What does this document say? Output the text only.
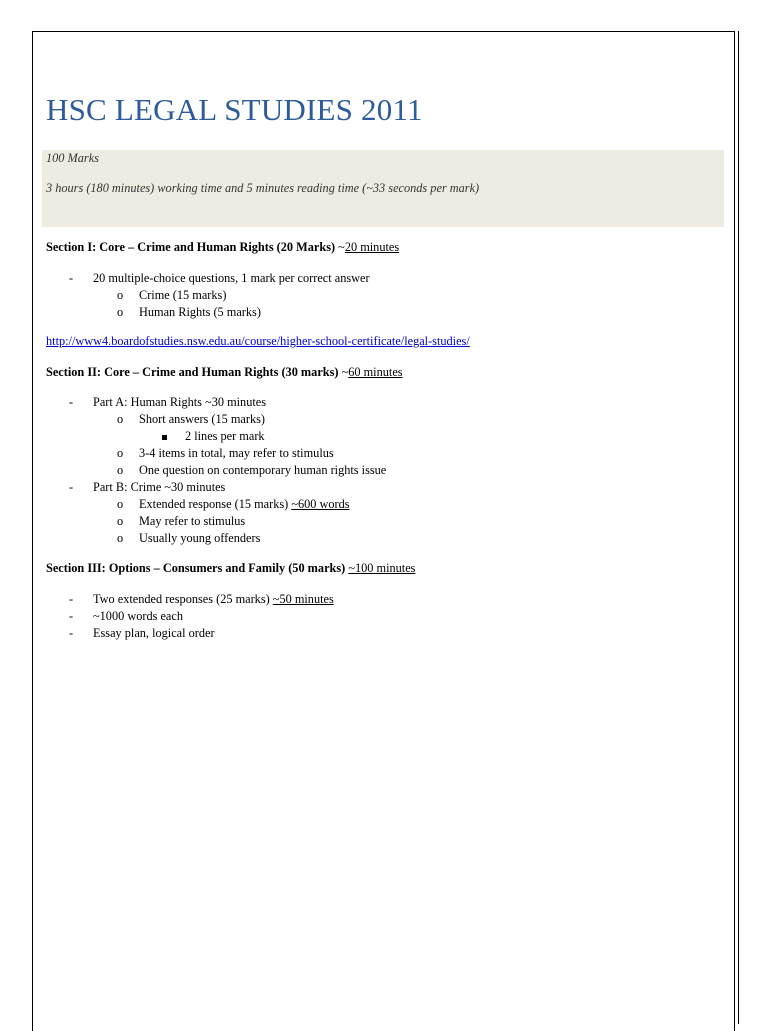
HSC LEGAL STUDIES 2011
100 Marks
3 hours (180 minutes) working time and 5 minutes reading time (~33 seconds per mark)
Section I: Core – Crime and Human Rights (20 Marks) ~20 minutes
- 20 multiple-choice questions, 1 mark per correct answer
o Crime (15 marks)
o Human Rights (5 marks)
http://www4.boardofstudies.nsw.edu.au/course/higher-school-certificate/legal-studies/
Section II: Core – Crime and Human Rights (30 marks) ~60 minutes
- Part A: Human Rights ~30 minutes
o Short answers (15 marks)
2 lines per mark
o 3-4 items in total, may refer to stimulus
o One question on contemporary human rights issue
- Part B: Crime ~30 minutes
o Extended response (15 marks) ~600 words
o May refer to stimulus
o Usually young offenders
Section III: Options – Consumers and Family (50 marks) ~100 minutes
- Two extended responses (25 marks) ~50 minutes
- ~1000 words each
- Essay plan, logical order
